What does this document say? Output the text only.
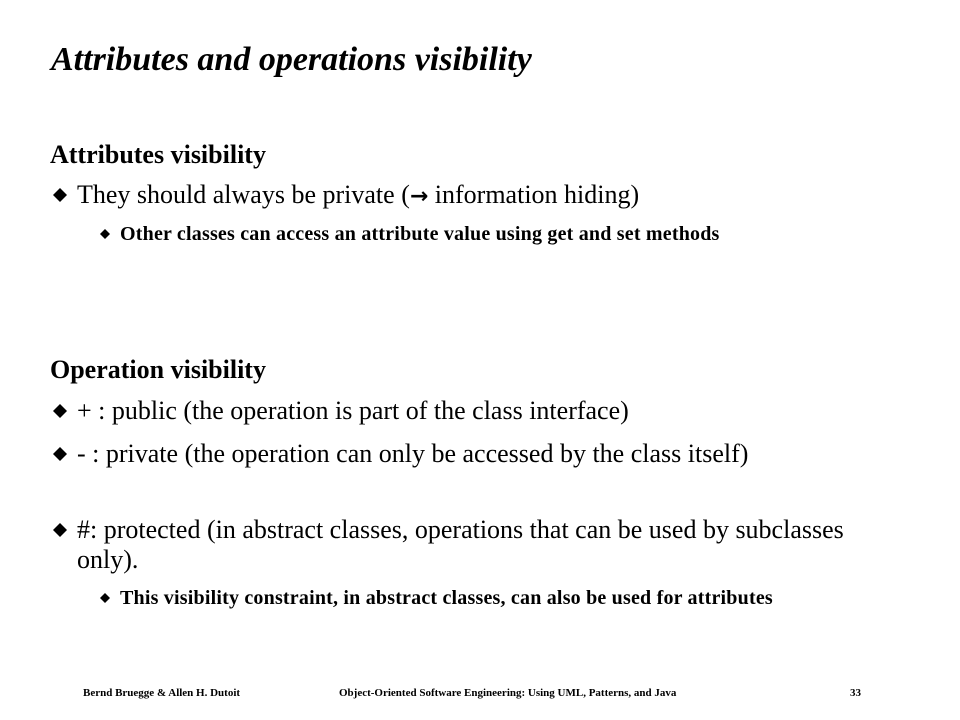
Attributes and operations visibility
Attributes visibility
They should always be private (→ information hiding)
Other classes can access an attribute value using get and set methods
Operation visibility
+ : public (the operation is part of the class interface)
- : private (the operation can only be accessed by the class itself)
#: protected (in abstract classes, operations that can be used by subclasses only).
This visibility constraint, in abstract classes, can also be used for attributes
Bernd Bruegge & Allen H. Dutoit	Object-Oriented Software Engineering: Using UML, Patterns, and Java	33
